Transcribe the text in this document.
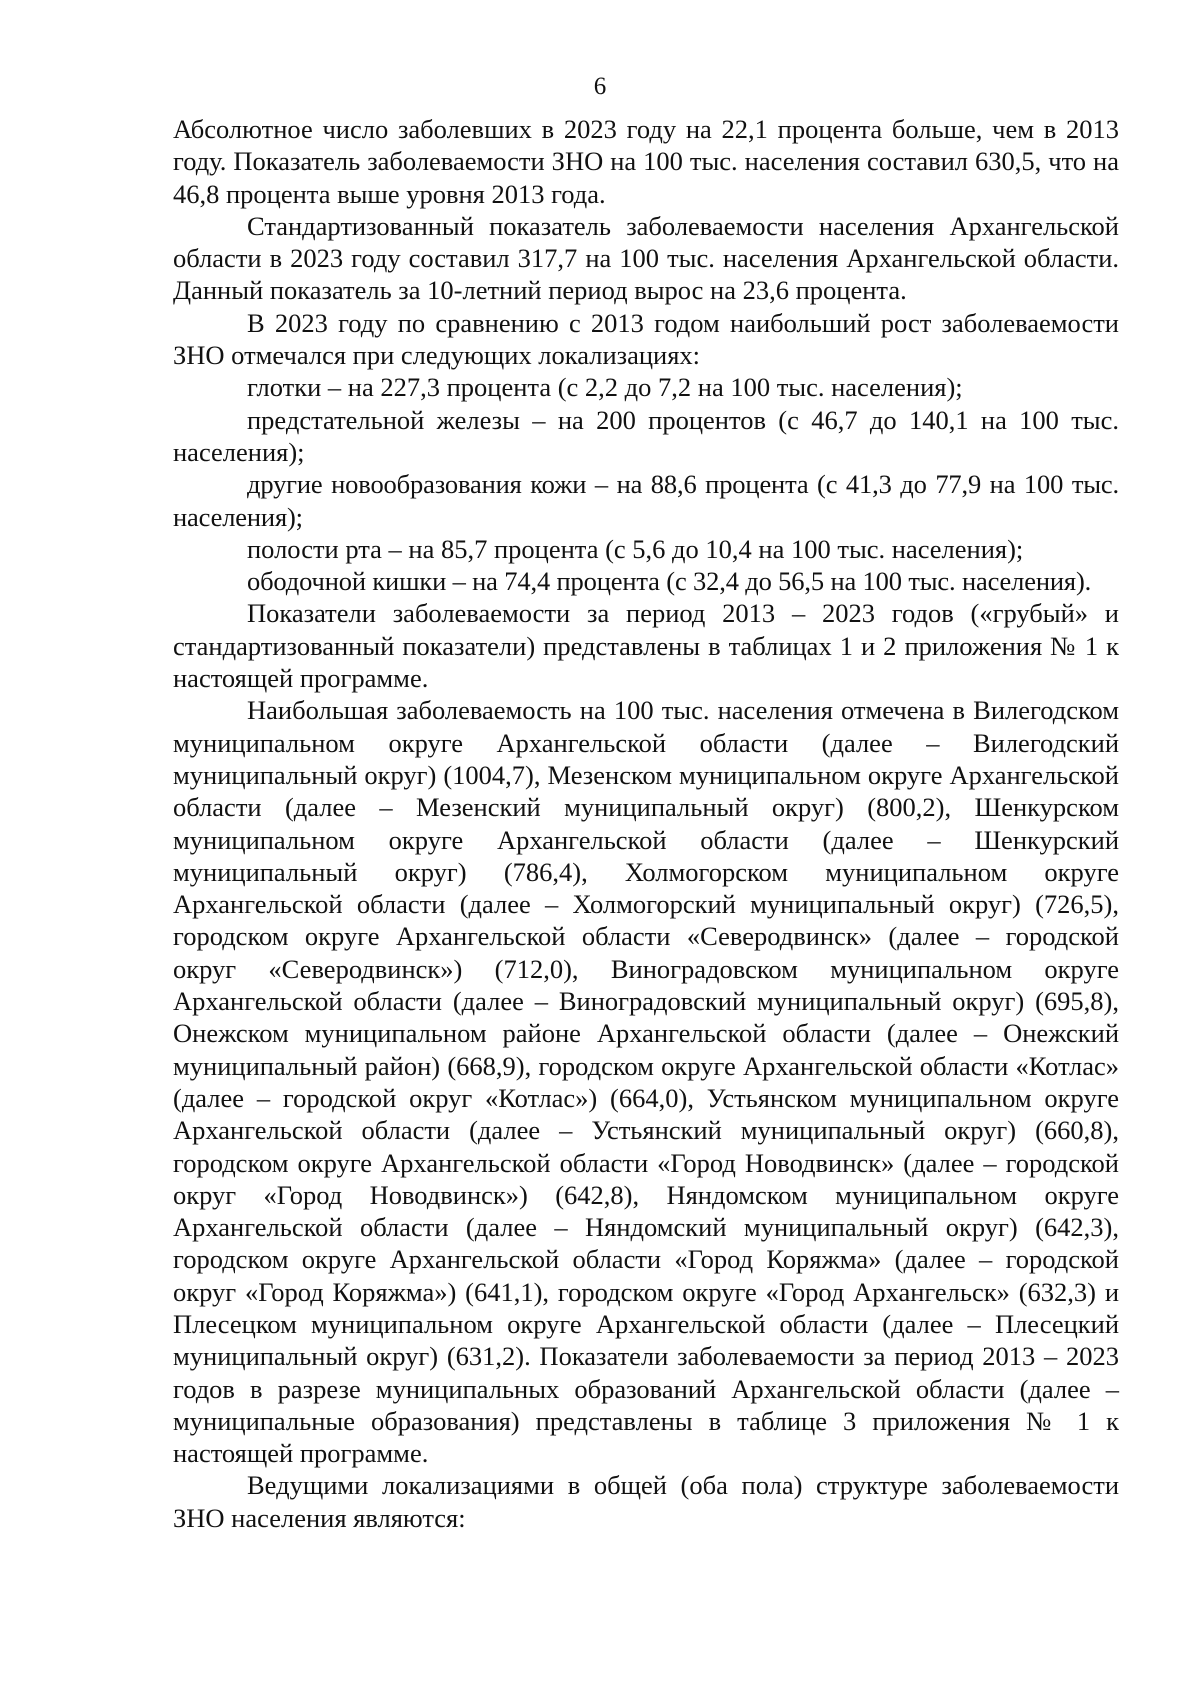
6

Абсолютное число заболевших в 2023 году на 22,1 процента больше, чем в 2013 году. Показатель заболеваемости ЗНО на 100 тыс. населения составил 630,5, что на 46,8 процента выше уровня 2013 года.

Стандартизованный показатель заболеваемости населения Архангельской области в 2023 году составил 317,7 на 100 тыс. населения Архангельской области. Данный показатель за 10-летний период вырос на 23,6 процента.

В 2023 году по сравнению с 2013 годом наибольший рост заболеваемости ЗНО отмечался при следующих локализациях:

глотки – на 227,3 процента (с 2,2 до 7,2 на 100 тыс. населения);

предстательной железы – на 200 процентов (с 46,7 до 140,1 на 100 тыс. населения);

другие новообразования кожи – на 88,6 процента (с 41,3 до 77,9 на 100 тыс. населения);

полости рта – на 85,7 процента (с 5,6 до 10,4 на 100 тыс. населения);

ободочной кишки – на 74,4 процента (с 32,4 до 56,5 на 100 тыс. населения).

Показатели заболеваемости за период 2013 – 2023 годов («грубый» и стандартизованный показатели) представлены в таблицах 1 и 2 приложения № 1 к настоящей программе.

Наибольшая заболеваемость на 100 тыс. населения отмечена в Вилегодском муниципальном округе Архангельской области (далее – Вилегодский муниципальный округ) (1004,7), Мезенском муниципальном округе Архангельской области (далее – Мезенский муниципальный округ) (800,2), Шенкурском муниципальном округе Архангельской области (далее – Шенкурский муниципальный округ) (786,4), Холмогорском муниципальном округе Архангельской области (далее – Холмогорский муниципальный округ) (726,5), городском округе Архангельской области «Северодвинск» (далее – городской округ «Северодвинск») (712,0), Виноградовском муниципальном округе Архангельской области (далее – Виноградовский муниципальный округ) (695,8), Онежском муниципальном районе Архангельской области (далее – Онежский муниципальный район) (668,9), городском округе Архангельской области «Котлас» (далее – городской округ «Котлас») (664,0), Устьянском муниципальном округе Архангельской области (далее – Устьянский муниципальный округ) (660,8), городском округе Архангельской области «Город Новодвинск» (далее – городской округ «Город Новодвинск») (642,8), Няндомском муниципальном округе Архангельской области (далее – Няндомский муниципальный округ) (642,3), городском округе Архангельской области «Город Коряжма» (далее – городской округ «Город Коряжма») (641,1), городском округе «Город Архангельск» (632,3) и Плесецком муниципальном округе Архангельской области (далее – Плесецкий муниципальный округ) (631,2). Показатели заболеваемости за период 2013 – 2023 годов в разрезе муниципальных образований Архангельской области (далее – муниципальные образования) представлены в таблице 3 приложения № 1 к настоящей программе.

Ведущими локализациями в общей (оба пола) структуре заболеваемости ЗНО населения являются:
